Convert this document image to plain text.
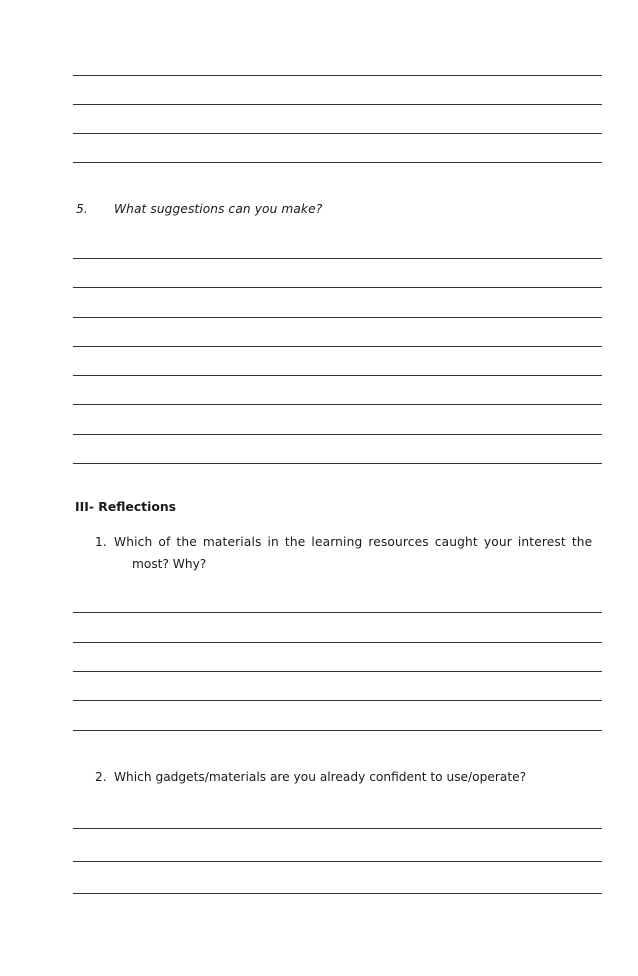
5. What suggestions can you make?
III- Reflections
1. Which of the materials in the learning resources caught your interest the
most? Why?
2. Which gadgets/materials are you already confident to use/operate?
